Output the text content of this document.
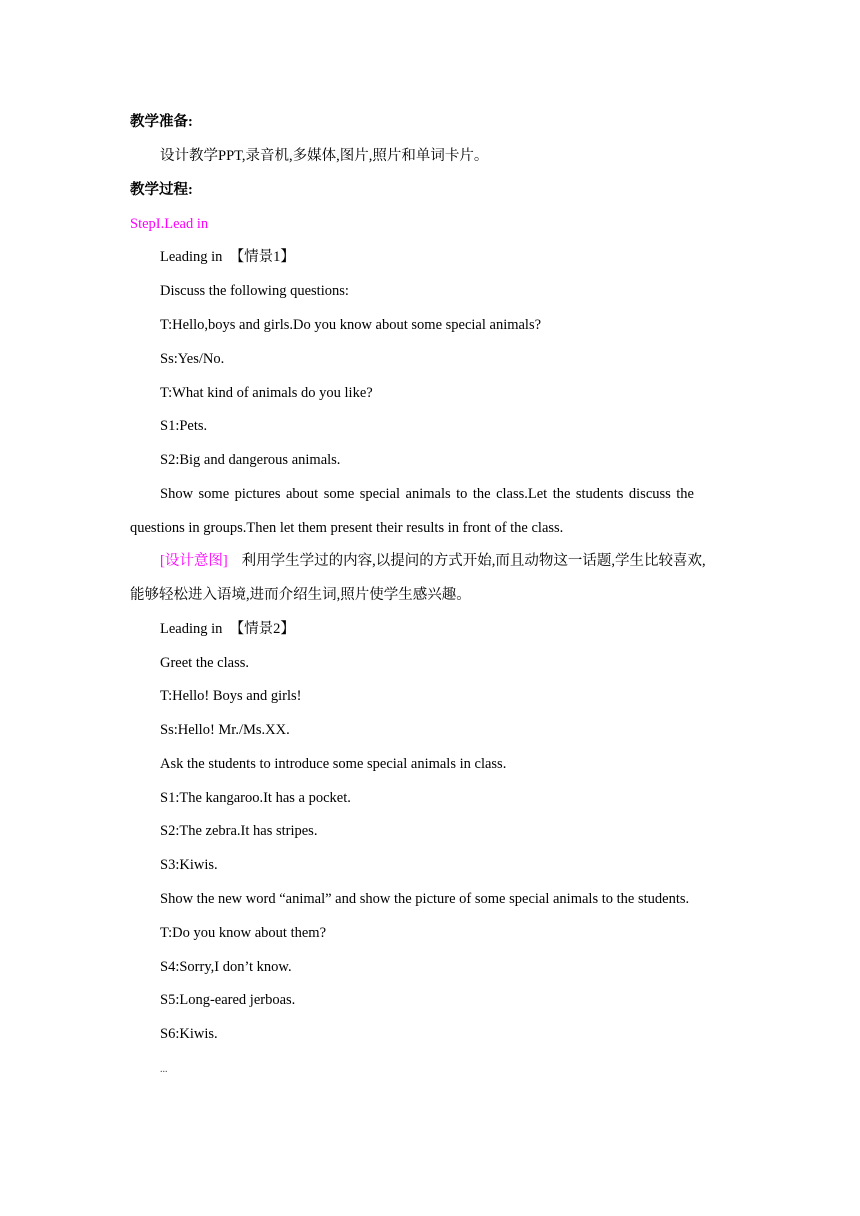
教学准备:
设计教学PPT,录音机,多媒体,图片,照片和单词卡片。
教学过程:
StepI.Lead in
Leading in  【情景1】
Discuss the following questions:
T:Hello,boys and girls.Do you know about some special animals?
Ss:Yes/No.
T:What kind of animals do you like?
S1:Pets.
S2:Big and dangerous animals.
Show some pictures about some special animals to the class.Let the students discuss the
questions in groups.Then let them present their results in front of the class.
[设计意图] 利用学生学过的内容,以提问的方式开始,而且动物这一话题,学生比较喜欢,
能够轻松进入语境,进而介绍生词,照片使学生感兴趣。
Leading in  【情景2】
Greet the class.
T:Hello! Boys and girls!
Ss:Hello! Mr./Ms.XX.
Ask the students to introduce some special animals in class.
S1:The kangaroo.It has a pocket.
S2:The zebra.It has stripes.
S3:Kiwis.
Show the new word “animal” and show the picture of some special animals to the students.
T:Do you know about them?
S4:Sorry,I don’t know.
S5:Long-eared jerboas.
S6:Kiwis.
...
